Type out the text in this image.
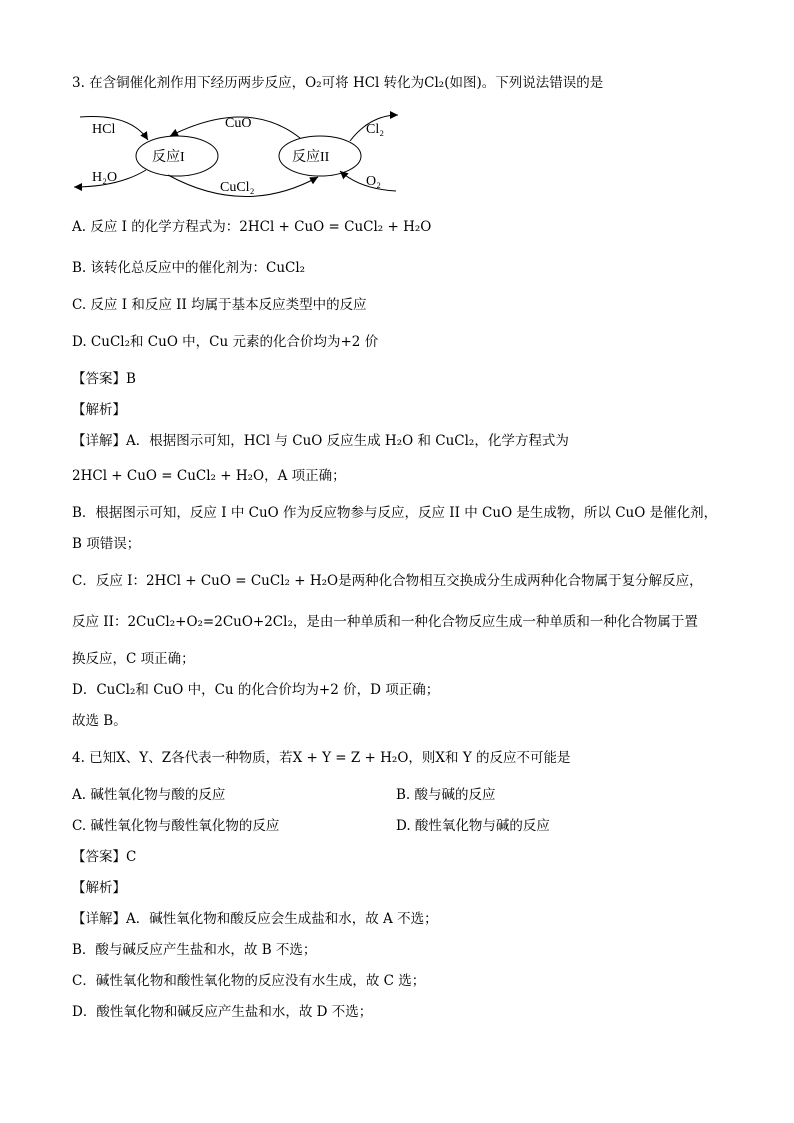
3. 在含铜催化剂作用下经历两步反应，O₂可将 HCl 转化为Cl₂(如图)。下列说法错误的是
反应I	反应II
CuO
CuCl₂
HCl
H₂O
Cl₂
O₂
A. 反应 I 的化学方程式为：2HCl + CuO = CuCl₂ + H₂O
B. 该转化总反应中的催化剂为：CuCl₂
C. 反应 I 和反应 II 均属于基本反应类型中的反应
D. CuCl₂和 CuO 中，Cu 元素的化合价均为+2 价
【答案】B
【解析】
【详解】A．根据图示可知，HCl 与 CuO 反应生成 H₂O 和 CuCl₂，化学方程式为
2HCl + CuO = CuCl₂ + H₂O，A 项正确；
B．根据图示可知，反应 I 中 CuO 作为反应物参与反应，反应 II 中 CuO 是生成物，所以 CuO 是催化剂，
B 项错误；
C．反应 I：2HCl + CuO = CuCl₂ + H₂O是两种化合物相互交换成分生成两种化合物属于复分解反应，
反应 II：2CuCl₂+O₂=2CuO+2Cl₂，是由一种单质和一种化合物反应生成一种单质和一种化合物属于置
换反应，C 项正确；
D．CuCl₂和 CuO 中，Cu 的化合价均为+2 价，D 项正确；
故选 B。
4. 已知X、Y、Z各代表一种物质，若X + Y = Z + H₂O，则X和 Y 的反应不可能是
A. 碱性氧化物与酸的反应	B. 酸与碱的反应
C. 碱性氧化物与酸性氧化物的反应	D. 酸性氧化物与碱的反应
【答案】C
【解析】
【详解】A．碱性氧化物和酸反应会生成盐和水，故 A 不选；
B．酸与碱反应产生盐和水，故 B 不选；
C．碱性氧化物和酸性氧化物的反应没有水生成，故 C 选；
D．酸性氧化物和碱反应产生盐和水，故 D 不选；
